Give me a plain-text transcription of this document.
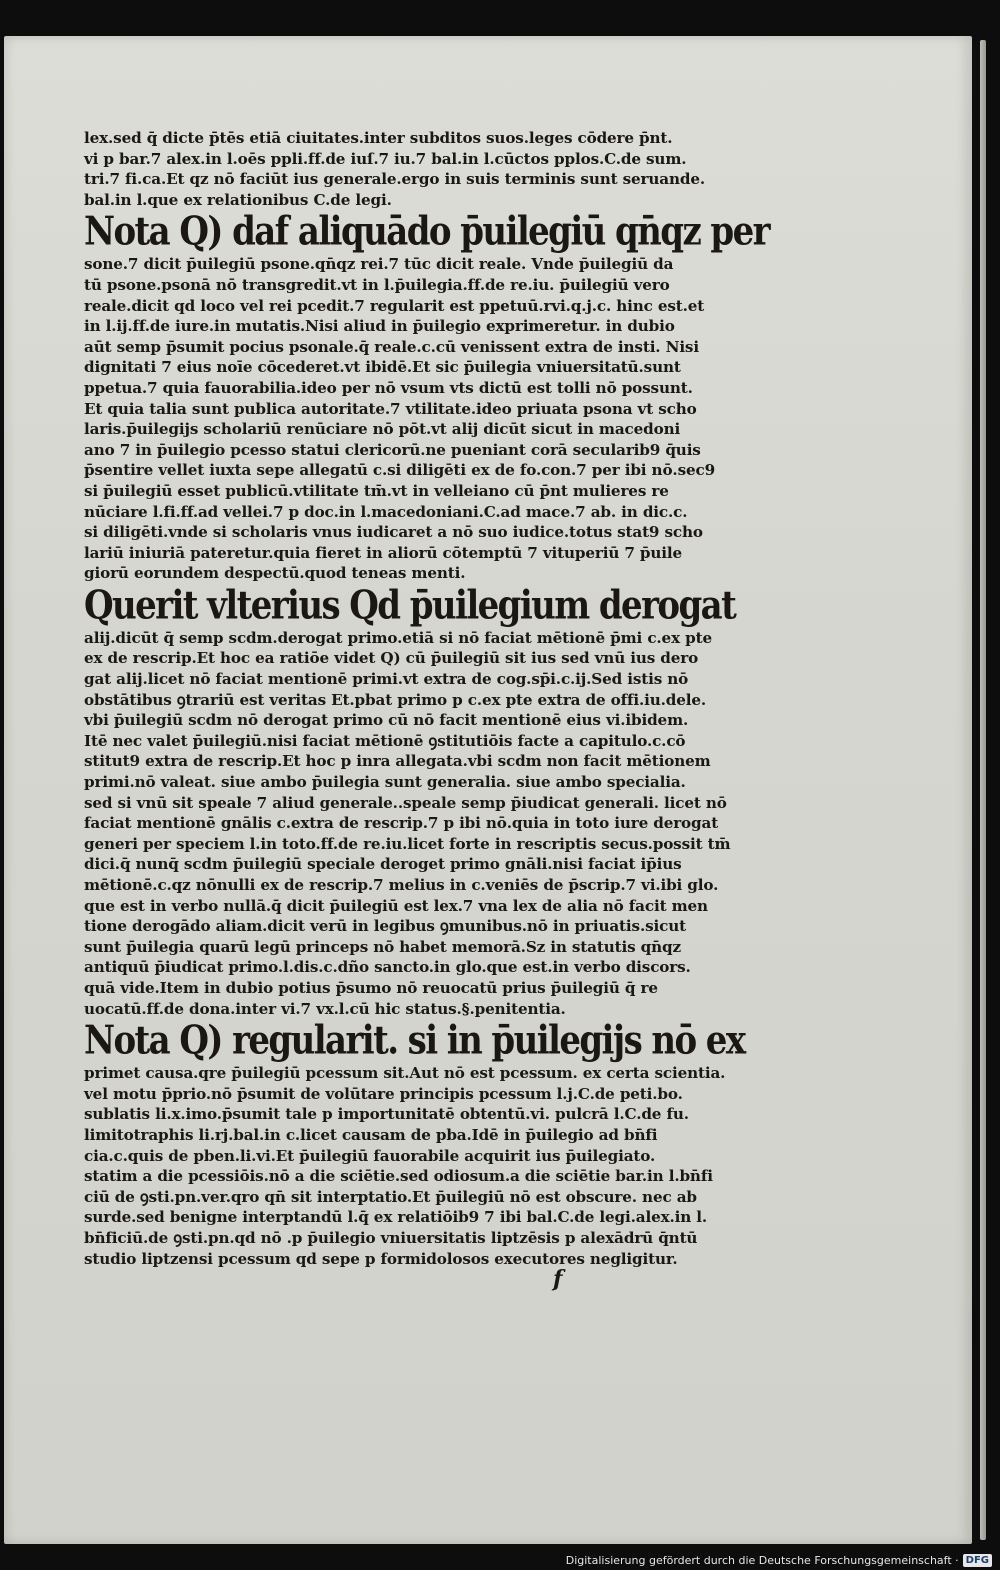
lex.sed q̄ dicte p̄tēs etiā ciuitates.inter subditos suos.leges cōdere p̄nt.
vi p bar.7 alex.in l.oēs ppli.ff.de iuſ.7 iu.7 bal.in l.cūctos pplos.C.de sum.
tri.7 fi.ca.Et qz nō faciūt ius generale.ergo in suis terminis sunt seruande.
bal.in l.que ex relationibus C.de legi.
Nota Q) daf aliquādo p̄uilegiū qn̄qz per
sone.7 dicit p̄uilegiū psone.qn̄qz rei.7 tūc dicit reale. Vnde p̄uilegiū da
tū psone.psonā nō transgredit.vt in l.p̄uilegia.ff.de re.iu. p̄uilegiū vero
reale.dicit qd loco vel rei pcedit.7 regularit est ppetuū.rvi.q.j.c. hinc est.et
in l.ij.ff.de iure.in mutatis.Nisi aliud in p̄uilegio exprimeretur. in dubio
aūt semp p̄sumit pocius psonale.q̄ reale.c.cū venissent extra de insti. Nisi
dignitati 7 eius noīe cōcederet.vt ibidē.Et sic p̄uilegia vniuersitatū.sunt
ppetua.7 quia fauorabilia.ideo per nō vsum vts dictū est tolli nō possunt.
Et quia talia sunt publica autoritate.7 vtilitate.ideo priuata psona vt scho
laris.p̄uilegijs scholariū renūciare nō pōt.vt alij dicūt sicut in macedoni
ano 7 in p̄uilegio pcesso statui clericorū.ne pueniant corā secularib9 q̄uis
p̄sentire vellet iuxta sepe allegatū c.si diligēti ex de fo.con.7 per ibi nō.sec9
si p̄uilegiū esset publicū.vtilitate tm̄.vt in velleiano cū p̄nt mulieres re
nūciare l.fi.ff.ad vellei.7 p doc.in l.macedoniani.C.ad mace.7 ab. in dic.c.
si diligēti.vnde si scholaris vnus iudicaret a nō suo iudice.totus stat9 scho
lariū iniuriā pateretur.quia fieret in aliorū cōtemptū 7 vituperiū 7 p̄uile
giorū eorundem despectū.quod teneas menti.
Querit vlterius Qd p̄uilegium derogat
alij.dicūt q̄ semp scdm.derogat primo.etiā si nō faciat mētionē p̄mi c.ex pte
ex de rescrip.Et hoc ea ratiōe videt Q) cū p̄uilegiū sit ius sed vnū ius dero
gat alij.licet nō faciat mentionē primi.vt extra de cog.sp̄i.c.ij.Sed istis nō
obstātibus ꝯtrariū est veritas Et.pbat primo p c.ex pte extra de offi.iu.dele.
vbi p̄uilegiū scdm nō derogat primo cū nō facit mentionē eius vi.ibidem.
Itē nec valet p̄uilegiū.nisi faciat mētionē ꝯstitutiōis facte a capitulo.c.cō
stitut9 extra de rescrip.Et hoc p inra allegata.vbi scdm non facit mētionem
primi.nō valeat. siue ambo p̄uilegia sunt generalia. siue ambo specialia.
sed si vnū sit speale 7 aliud generale..speale semp p̄iudicat generali. licet nō
faciat mentionē gnālis c.extra de rescrip.7 p ibi nō.quia in toto iure derogat
generi per speciem l.in toto.ff.de re.iu.licet forte in rescriptis secus.possit tm̄
dici.q̄ nunq̄ scdm p̄uilegiū speciale deroget primo gnāli.nisi faciat ip̄ius
mētionē.c.qz nōnulli ex de rescrip.7 melius in c.veniēs de p̄scrip.7 vi.ibi glo.
que est in verbo nullā.q̄ dicit p̄uilegiū est lex.7 vna lex de alia nō facit men
tione derogādo aliam.dicit verū in legibus ꝯmunibus.nō in priuatis.sicut
sunt p̄uilegia quarū legū princeps nō habet memorā.Sz in statutis qn̄qz
antiquū p̄iudicat primo.l.dis.c.dño sancto.in glo.que est.in verbo discors.
quā vide.Item in dubio potius p̄sumo nō reuocatū prius p̄uilegiū q̄ re
uocatū.ff.de dona.inter vi.7 vx.l.cū hic status.§.penitentia.
Nota Q) regularit. si in p̄uilegijs nō ex
primet causa.qre p̄uilegiū pcessum sit.Aut nō est pcessum. ex certa scientia.
vel motu p̄prio.nō p̄sumit de volūtare principis pcessum l.j.C.de peti.bo.
sublatis li.x.imo.p̄sumit tale p importunitatē obtentū.vi. pulcrā l.C.de fu.
limitotraphis li.rj.bal.in c.licet causam de pba.Idē in p̄uilegio ad bn̄fi
cia.c.quis de pben.li.vi.Et p̄uilegiū fauorabile acquirit ius p̄uilegiato.
statim a die pcessiōis.nō a die sciētie.sed odiosum.a die sciētie bar.in l.bn̄fi
ciū de ꝯsti.pn.ver.qro qn̄ sit interptatio.Et p̄uilegiū nō est obscure. nec ab
surde.sed benigne interptandū l.q̄ ex relatiōib9 7 ibi bal.C.de legi.alex.in l.
bn̄ficiū.de ꝯsti.pn.qd nō .p p̄uilegio vniuersitatis liptzēsis p alexādrū q̄ntū
studio liptzensi pcessum qd sepe p formidolosos executores negligitur.
f
Digitalisierung gefördert durch die Deutsche Forschungsgemeinschaft · DFG
